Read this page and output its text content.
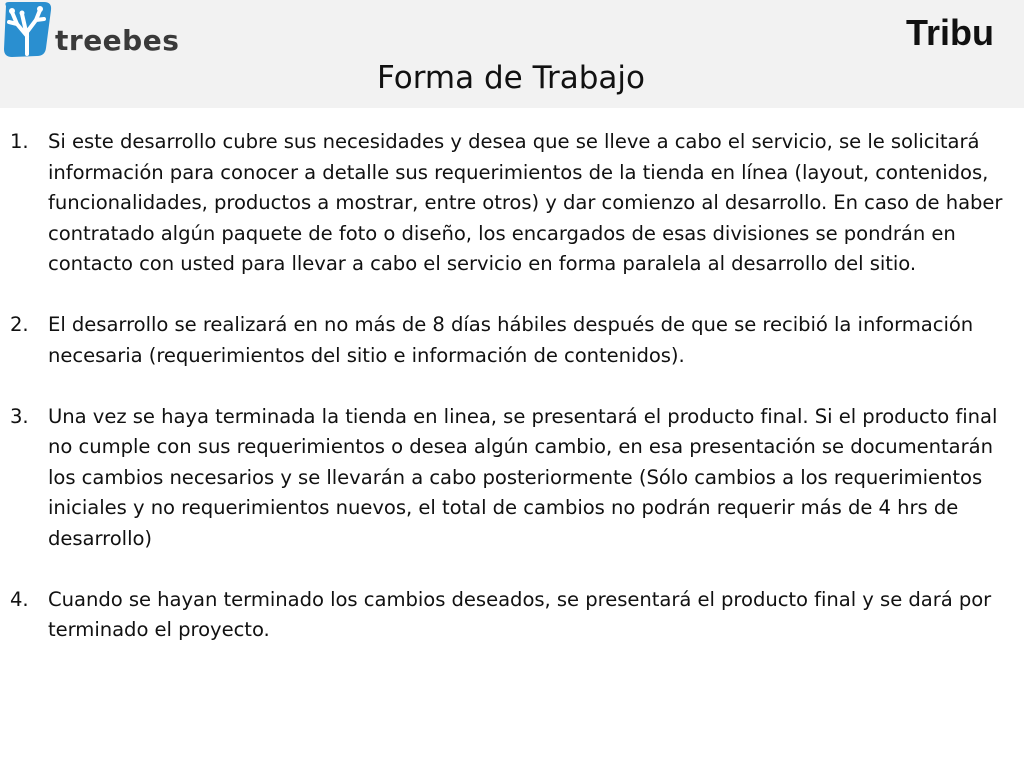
treebes	Tribu
Forma de Trabajo
1. Si este desarrollo cubre sus necesidades y desea que se lleve a cabo el servicio, se le solicitará información para conocer a detalle sus requerimientos de la tienda en línea (layout, contenidos, funcionalidades, productos a mostrar, entre otros) y dar comienzo al desarrollo. En caso de haber contratado algún paquete de foto o diseño, los encargados de esas divisiones se pondrán en contacto con usted para llevar a cabo el servicio en forma paralela al desarrollo del sitio.
2. El desarrollo se realizará en no más de 8 días hábiles después de que se recibió la información necesaria (requerimientos del sitio e información de contenidos).
3. Una vez se haya terminada la tienda en linea, se presentará el producto final. Si el producto final no cumple con sus requerimientos o desea algún cambio, en esa presentación se documentarán los cambios necesarios y se llevarán a cabo posteriormente (Sólo cambios a los requerimientos iniciales y no requerimientos nuevos, el total de cambios no podrán requerir más de 4 hrs de desarrollo)
4. Cuando se hayan terminado los cambios deseados, se presentará el producto final y se dará por terminado el proyecto.
